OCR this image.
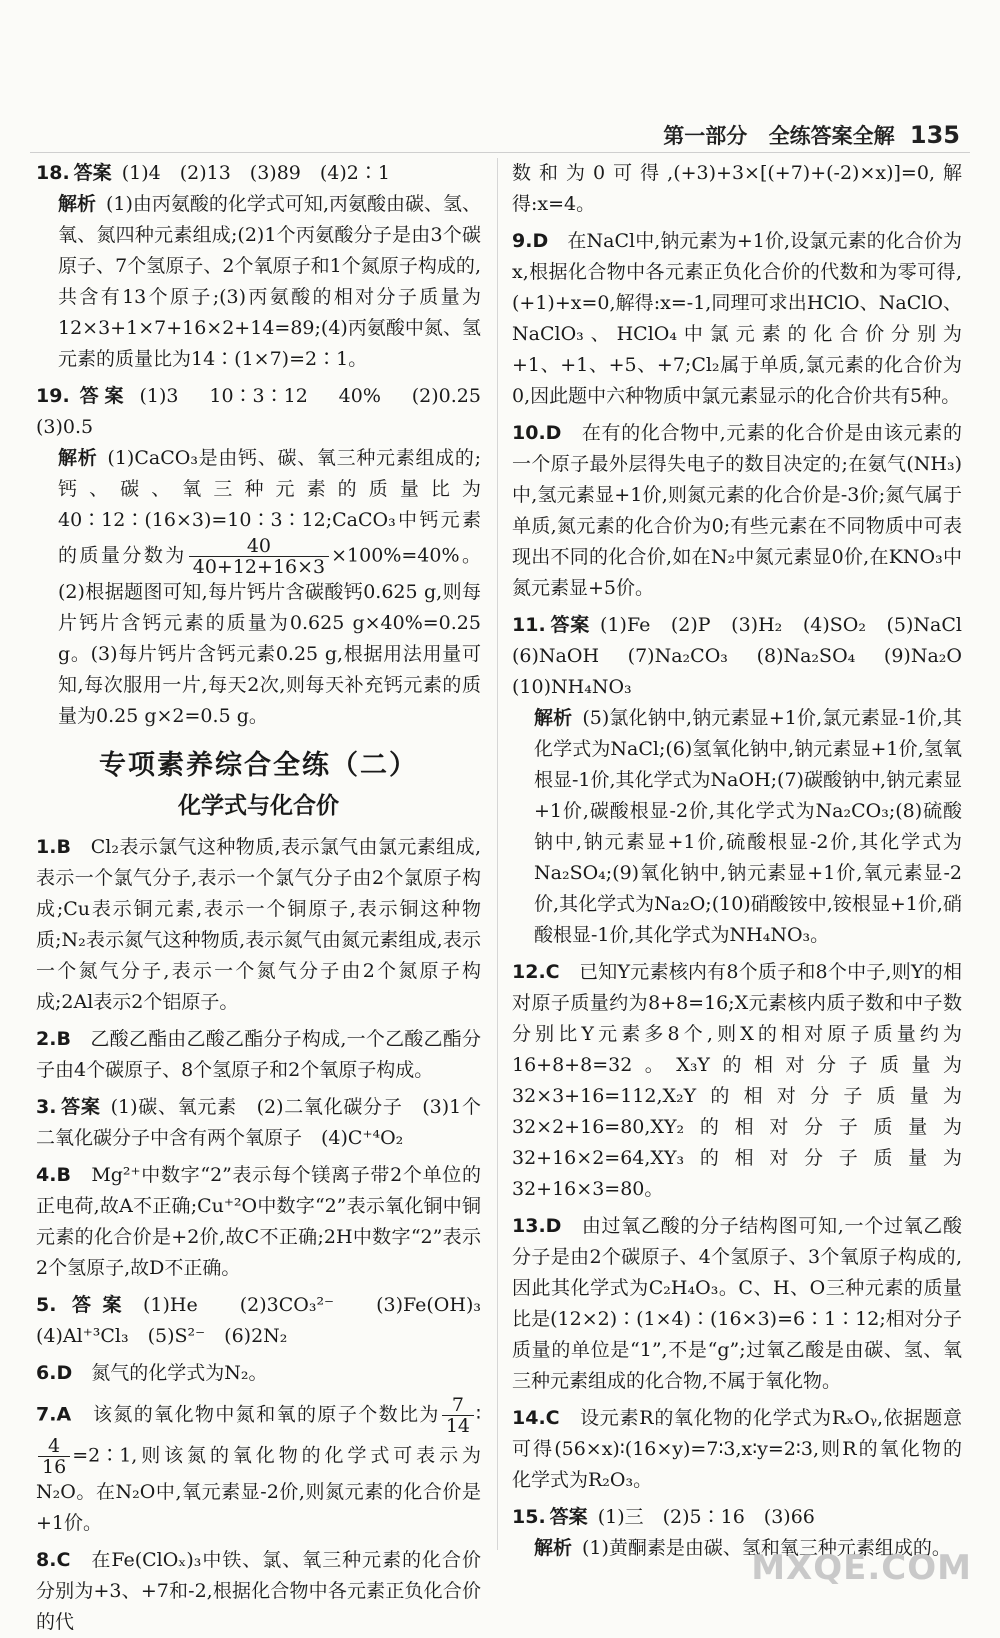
第一部分 全练答案全解 135
18. 答案 (1)4　(2)13　(3)89　(4)2∶1
解析 (1)由丙氨酸的化学式可知,丙氨酸由碳、氢、氧、氮四种元素组成;(2)1个丙氨酸分子是由3个碳原子、7个氢原子、2个氧原子和1个氮原子构成的,共含有13个原子;(3)丙氨酸的相对分子质量为12×3+1×7+16×2+14=89;(4)丙氨酸中氮、氢元素的质量比为14∶(1×7)=2∶1。
19. 答案 (1)3　10∶3∶12　40%　(2)0.25　(3)0.5
解析 (1)CaCO₃是由钙、碳、氧三种元素组成的;钙、碳、氧三种元素的质量比为40∶12∶(16×3)=10∶3∶12;CaCO₃中钙元素的质量分数为 $\frac{40}{40+12+16\times 3} \times 100\%=40\%$。(2)根据题图可知,每片钙片含碳酸钙0.625 g,则每片钙片含钙元素的质量为0.625 g×40%=0.25 g。(3)每片钙片含钙元素0.25 g,根据用法用量可知,每次服用一片,每天2次,则每天补充钙元素的质量为0.25 g×2=0.5 g。
专项素养综合全练（二）
化学式与化合价
1.B　 Cl₂表示氯气这种物质,表示氯气由氯元素组成,表示一个氯气分子,表示一个氯气分子由2个氯原子构成;Cu表示铜元素,表示一个铜原子,表示铜这种物质;N₂表示氮气这种物质,表示氮气由氮元素组成,表示一个氮气分子,表示一个氮气分子由2个氮原子构成;2Al表示2个铝原子。
2.B　 乙酸乙酯由乙酸乙酯分子构成,一个乙酸乙酯分子由4个碳原子、8个氢原子和2个氧原子构成。
3. 答案 (1)碳、氧元素　(2)二氧化碳分子　(3)1个二氧化碳分子中含有两个氧原子　(4)C⁺⁴O₂
4.B　 Mg²⁺中数字“2”表示每个镁离子带2个单位的正电荷,故A不正确;Cu⁺²O中数字“2”表示氧化铜中铜元素的化合价是+2价,故C不正确;2H中数字“2”表示2个氢原子,故D不正确。
5. 答案 (1)He　(2)3CO₃²⁻　(3)Fe(OH)₃　(4)Al⁺³Cl₃　(5)S²⁻　(6)2N₂
6.D　 氮气的化学式为N₂。
7.A　 该氮的氧化物中氮和氧的原子个数比为 $\frac{7}{14}$ ∶
$\frac{4}{16}$ =2∶1,则该氮的氧化物的化学式可表示为N₂O。在N₂O中,氧元素显-2价,则氮元素的化合价是+1价。
8.C　 在Fe(ClOₓ)₃中铁、氯、氧三种元素的化合价分别为+3、+7和-2,根据化合物中各元素正负化合价的代
数和为0可得,(+3)+3×[(+7)+(-2)×x)]=0,解得:x=4。
9.D　 在NaCl中,钠元素为+1价,设氯元素的化合价为x,根据化合物中各元素正负化合价的代数和为零可得,(+1)+x=0,解得:x=-1,同理可求出HClO、NaClO、NaClO₃、HClO₄中氯元素的化合价分别为+1、+1、+5、+7;Cl₂属于单质,氯元素的化合价为0,因此题中六种物质中氯元素显示的化合价共有5种。
10.D　 在有的化合物中,元素的化合价是由该元素的一个原子最外层得失电子的数目决定的;在氨气(NH₃)中,氢元素显+1价,则氮元素的化合价是-3价;氮气属于单质,氮元素的化合价为0;有些元素在不同物质中可表现出不同的化合价,如在N₂中氮元素显0价,在KNO₃中氮元素显+5价。
11. 答案 (1)Fe　(2)P　(3)H₂　(4)SO₂　(5)NaCl　(6)NaOH　(7)Na₂CO₃　(8)Na₂SO₄　(9)Na₂O　(10)NH₄NO₃
解析 (5)氯化钠中,钠元素显+1价,氯元素显-1价,其化学式为NaCl;(6)氢氧化钠中,钠元素显+1价,氢氧根显-1价,其化学式为NaOH;(7)碳酸钠中,钠元素显+1价,碳酸根显-2价,其化学式为Na₂CO₃;(8)硫酸钠中,钠元素显+1价,硫酸根显-2价,其化学式为Na₂SO₄;(9)氧化钠中,钠元素显+1价,氧元素显-2价,其化学式为Na₂O;(10)硝酸铵中,铵根显+1价,硝酸根显-1价,其化学式为NH₄NO₃。
12.C　 已知Y元素核内有8个质子和8个中子,则Y的相对原子质量约为8+8=16;X元素核内质子数和中子数分别比Y元素多8个,则X的相对原子质量约为16+8+8=32。X₃Y的相对分子质量为32×3+16=112,X₂Y的相对分子质量为32×2+16=80,XY₂的相对分子质量为32+16×2=64,XY₃的相对分子质量为32+16×3=80。
13.D　 由过氧乙酸的分子结构图可知,一个过氧乙酸分子是由2个碳原子、4个氢原子、3个氧原子构成的,因此其化学式为C₂H₄O₃。C、H、O三种元素的质量比是(12×2)∶(1×4)∶(16×3)=6∶1∶12;相对分子质量的单位是“1”,不是“g”;过氧乙酸是由碳、氢、氧三种元素组成的化合物,不属于氧化物。
14.C　 设元素R的氧化物的化学式为RₓOᵧ,依据题意可得(56×x)∶(16×y)=7∶3,x∶y=2∶3,则R的氧化物的化学式为R₂O₃。
15. 答案 (1)三　(2)5∶16　(3)66
解析 (1)黄酮素是由碳、氢和氧三种元素组成的。
MXQE.COM
